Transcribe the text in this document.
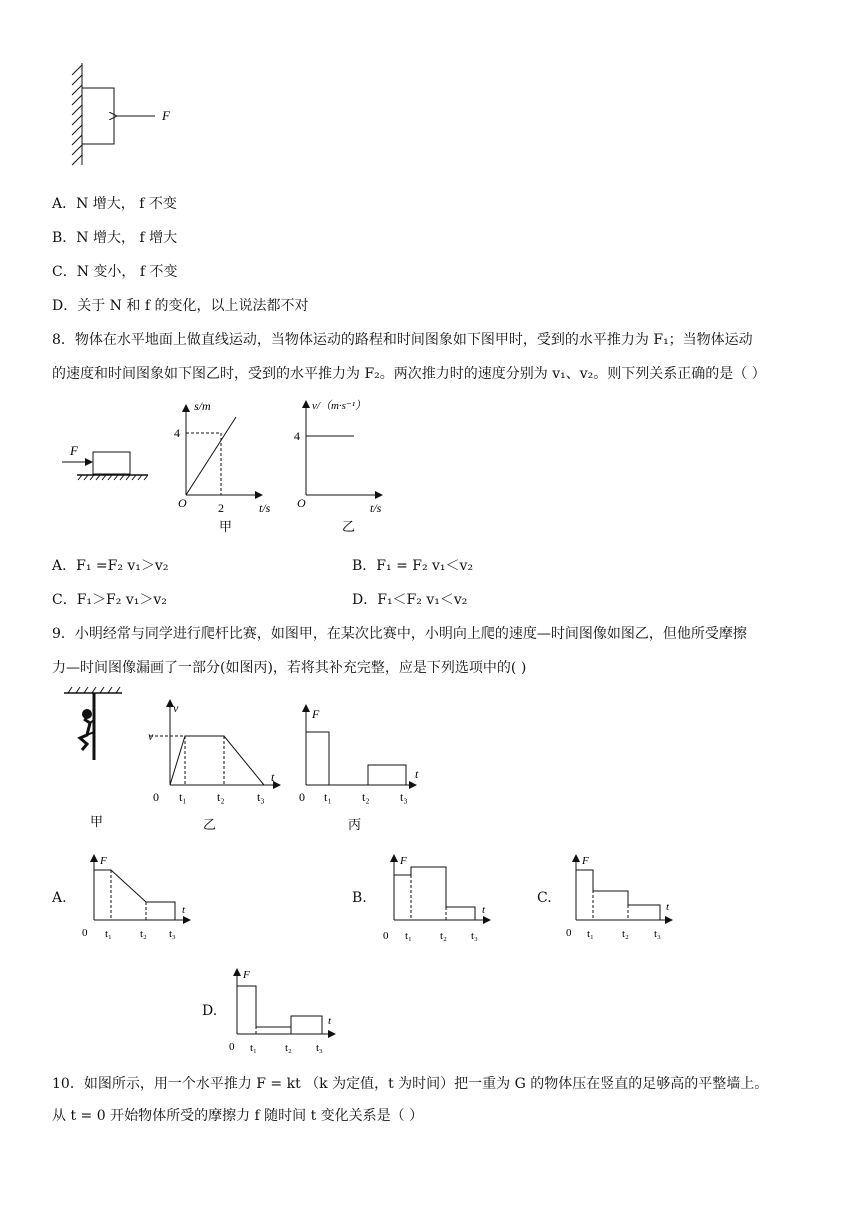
F
A．N 增大， f 不变
B．N 增大， f 增大
C．N 变小， f 不变
D．关于 N 和 f 的变化，以上说法都不对
8．物体在水平地面上做直线运动，当物体运动的路程和时间图象如下图甲时，受到的水平推力为 F₁；当物体运动
的速度和时间图象如下图乙时，受到的水平推力为 F₂。两次推力时的速度分别为 v₁、v₂。则下列关系正确的是（ ）
F
s/m
4
O	2	t/s
甲
v/（m·s⁻¹）
4
O	t/s
乙
A．F₁ =F₂ v₁＞v₂	B．F₁ = F₂ v₁＜v₂
C．F₁＞F₂ v₁＞v₂	D．F₁＜F₂ v₁＜v₂
9．小明经常与同学进行爬杆比赛，如图甲，在某次比赛中，小明向上爬的速度—时间图像如图乙，但他所受摩擦
力—时间图像漏画了一部分(如图丙)，若将其补充完整，应是下列选项中的( )
甲
v
v
t
0 t₁	t₂	t₃
乙
F
t
0 t₁	t₂	t₃
丙
A.
F
t
0 t₁	t₂ t₃
B.
F
t
0 t₁	t₂ t₃
C.
F
t
0 t₁	t₂ t₃
D.
F
t
0 t₁	t₂ t₃
10．如图所示，用一个水平推力 F = kt （k 为定值，t 为时间）把一重为 G 的物体压在竖直的足够高的平整墙上。
从 t = 0 开始物体所受的摩擦力 f 随时间 t 变化关系是（ ）
